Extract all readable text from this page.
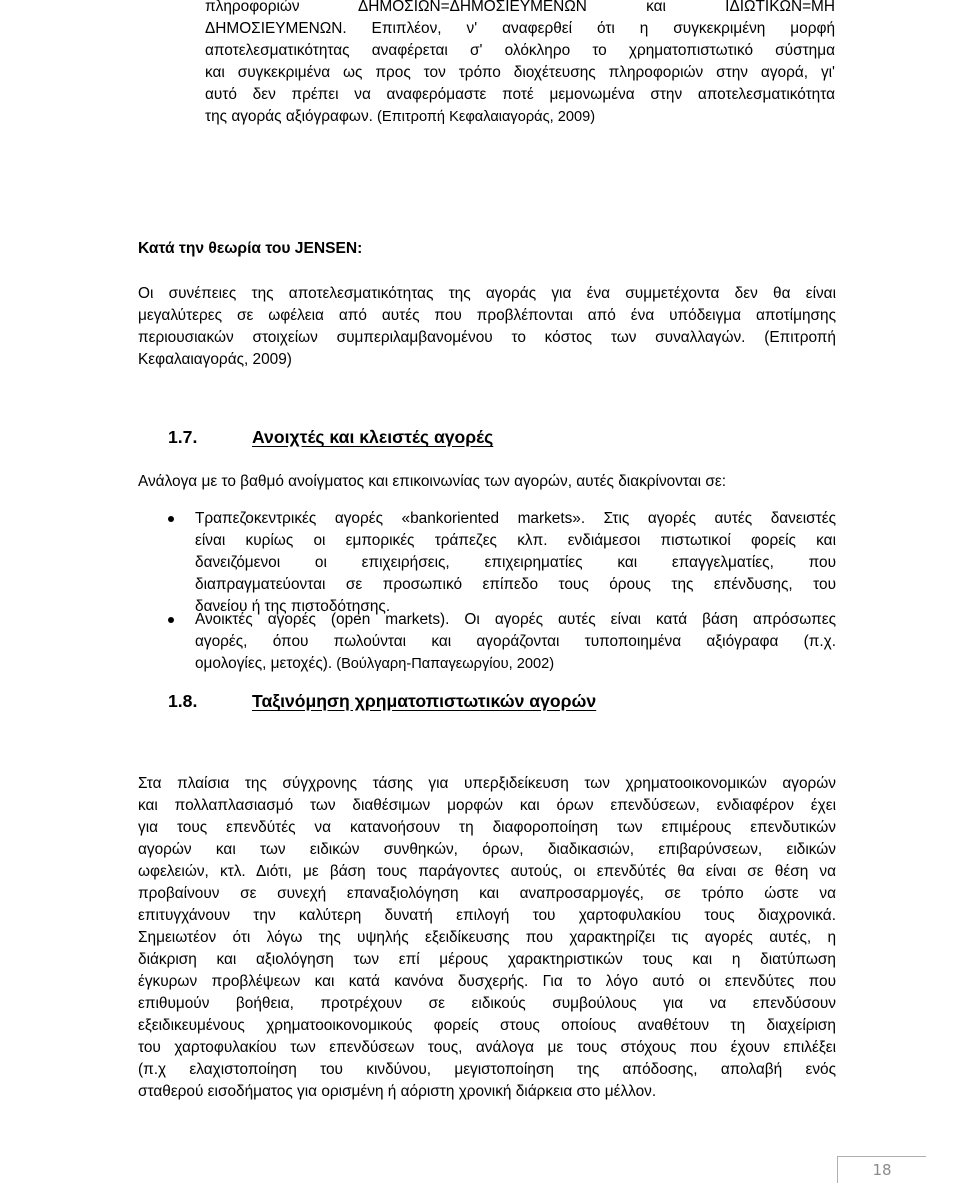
πληροφοριών ΔΗΜΟΣΙΩΝ=ΔΗΜΟΣΙΕΥΜΕΝΩΝ και ΙΔΙΩΤΙΚΩΝ=ΜΗ
ΔΗΜΟΣΙΕΥΜΕΝΩΝ. Επιπλέον, ν' αναφερθεί ότι η συγκεκριμένη μορφή
αποτελεσματικότητας αναφέρεται σ' ολόκληρο το χρηματοπιστωτικό σύστημα
και συγκεκριμένα ως προς τον τρόπο διοχέτευσης πληροφοριών στην αγορά, γι'
αυτό δεν πρέπει να αναφερόμαστε ποτέ μεμονωμένα στην αποτελεσματικότητα
της αγοράς αξιόγραφων. (Επιτροπή Κεφαλαιαγοράς, 2009)
Κατά την θεωρία του JENSEN:
Οι συνέπειες της αποτελεσματικότητας της αγοράς για ένα συμμετέχοντα δεν θα είναι
μεγαλύτερες σε ωφέλεια από αυτές που προβλέπονται από ένα υπόδειγμα αποτίμησης
περιουσιακών στοιχείων συμπεριλαμβανομένου το κόστος των συναλλαγών. (Επιτροπή
Κεφαλαιαγοράς, 2009)
1.7.	Ανοιχτές και κλειστές αγορές
Ανάλογα με το βαθμό ανοίγματος και επικοινωνίας των αγορών, αυτές διακρίνονται σε:
Τραπεζοκεντρικές αγορές «bankoriented markets». Στις αγορές αυτές δανειστές
είναι κυρίως οι εμπορικές τράπεζες κλπ. ενδιάμεσοι πιστωτικοί φορείς και
δανειζόμενοι οι επιχειρήσεις, επιχειρηματίες και επαγγελματίες, που
διαπραγματεύονται σε προσωπικό επίπεδο τους όρους της επένδυσης, του
δανείου ή της πιστοδότησης.
Ανοικτές αγορές (open markets). Οι αγορές αυτές είναι κατά βάση απρόσωπες
αγορές, όπου πωλούνται και αγοράζονται τυποποιημένα αξιόγραφα (π.χ.
ομολογίες, μετοχές). (Βούλγαρη-Παπαγεωργίου, 2002)
1.8.	Ταξινόμηση χρηματοπιστωτικών αγορών
Στα πλαίσια της σύγχρονης τάσης για υπερξιδείκευση των χρηματοοικονομικών αγορών
και πολλαπλασιασμό των διαθέσιμων μορφών και όρων επενδύσεων, ενδιαφέρον έχει
για τους επενδύτές να κατανοήσουν τη διαφοροποίηση των επιμέρους επενδυτικών
αγορών και των ειδικών συνθηκών, όρων, διαδικασιών, επιβαρύνσεων, ειδικών
ωφελειών, κτλ. Διότι, με βάση τους παράγοντες αυτούς, οι επενδύτές θα είναι σε θέση να
προβαίνουν σε συνεχή επαναξιολόγηση και αναπροσαρμογές, σε τρόπο ώστε να
επιτυγχάνουν την καλύτερη δυνατή επιλογή του χαρτοφυλακίου τους διαχρονικά.
Σημειωτέον ότι λόγω της υψηλής εξειδίκευσης που χαρακτηρίζει τις αγορές αυτές, η
διάκριση και αξιολόγηση των επί μέρους χαρακτηριστικών τους και η διατύπωση
έγκυρων προβλέψεων και κατά κανόνα δυσχερής. Για το λόγο αυτό οι επενδύτες που
επιθυμούν βοήθεια, προτρέχουν σε ειδικούς συμβούλους για να επενδύσουν
εξειδικευμένους χρηματοοικονομικούς φορείς στους οποίους αναθέτουν τη διαχείριση
του χαρτοφυλακίου των επενδύσεων τους, ανάλογα με τους στόχους που έχουν επιλέξει
(π.χ ελαχιστοποίηση του κινδύνου, μεγιστοποίηση της απόδοσης, απολαβή ενός
σταθερού εισοδήματος για ορισμένη ή αόριστη χρονική διάρκεια στο μέλλον.
18
